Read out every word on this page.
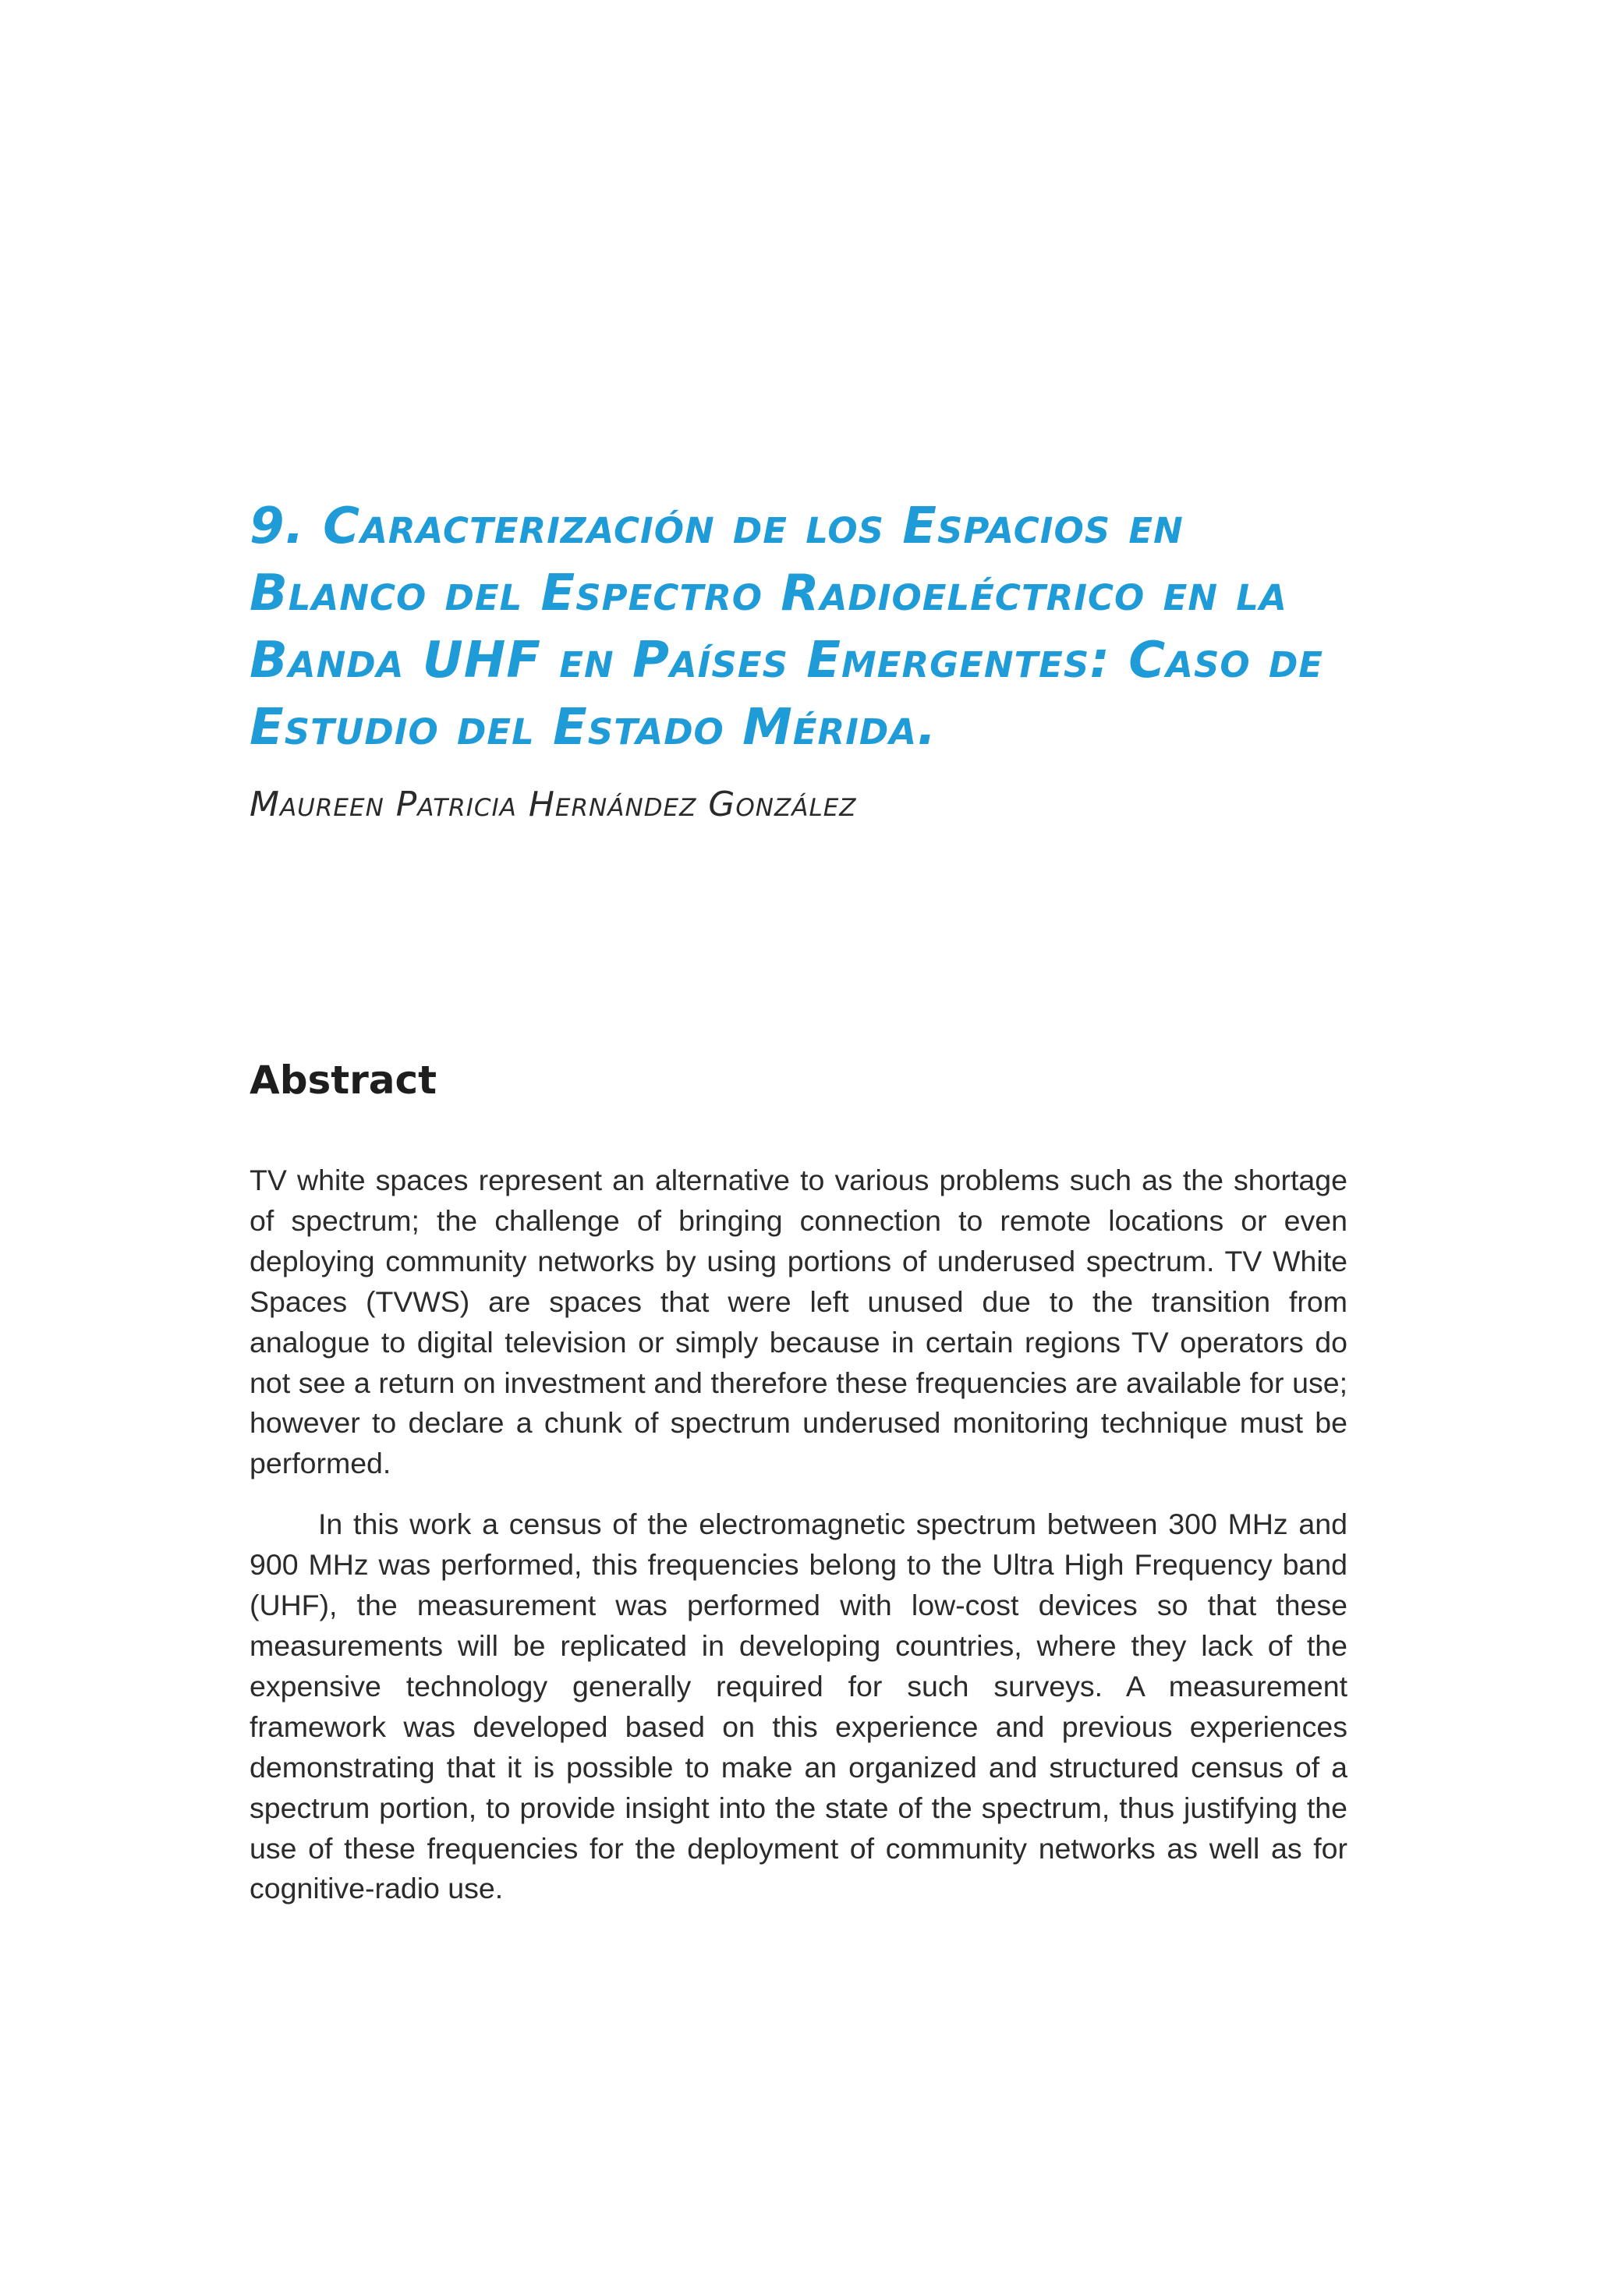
9. Caracterización de los Espacios en Blanco del Espectro Radioeléctrico en la Banda UHF en Países Emergentes: Caso de Estudio del Estado Mérida.

Maureen Patricia Hernández González

Abstract

TV white spaces represent an alternative to various problems such as the shortage of spectrum; the challenge of bringing connection to remote locations or even deploying community networks by using portions of underused spectrum. TV White Spaces (TVWS) are spaces that were left unused due to the transition from analogue to digital television or simply because in certain regions TV operators do not see a return on investment and therefore these frequencies are available for use; however to declare a chunk of spectrum underused monitoring technique must be performed.

In this work a census of the electromagnetic spectrum between 300 MHz and 900 MHz was performed, this frequencies belong to the Ultra High Frequency band (UHF), the measurement was performed with low-cost devices so that these measurements will be replicated in developing countries, where they lack of the expensive technology generally required for such surveys. A measurement framework was developed based on this experience and previous experiences demonstrating that it is possible to make an organized and structured census of a spectrum portion, to provide insight into the state of the spectrum, thus justifying the use of these frequencies for the deployment of community networks as well as for cognitive-radio use.
